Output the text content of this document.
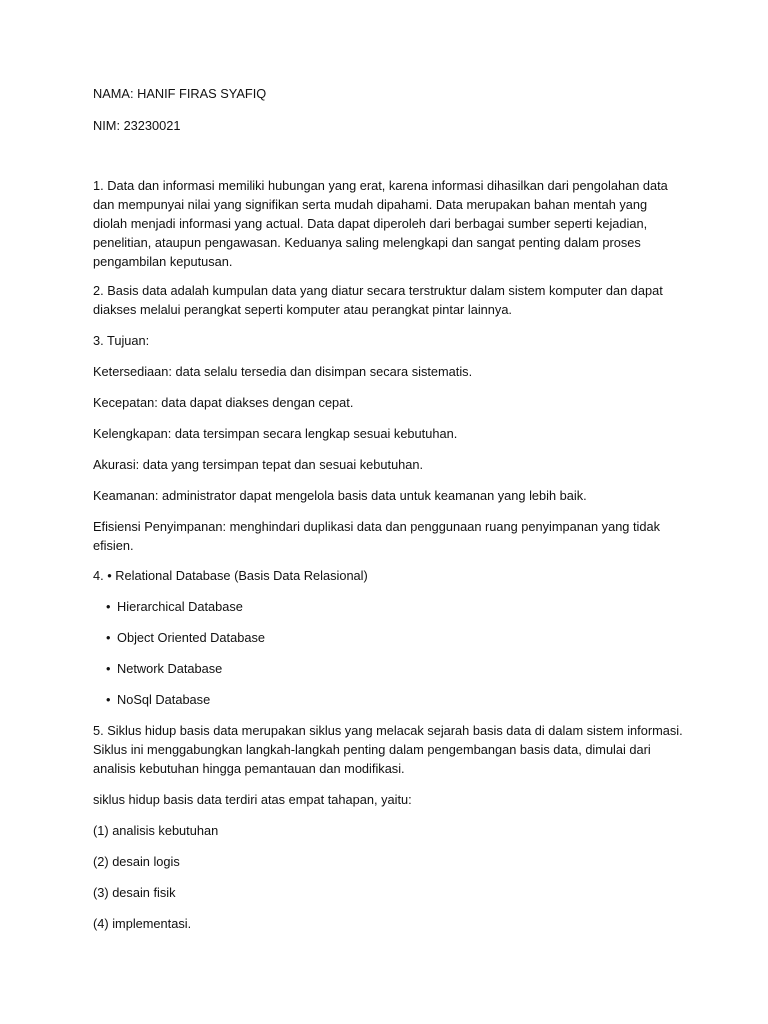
NAMA: HANIF FIRAS SYAFIQ

NIM: 23230021

1. Data dan informasi memiliki hubungan yang erat, karena informasi dihasilkan dari pengolahan data dan mempunyai nilai yang signifikan serta mudah dipahami. Data merupakan bahan mentah yang diolah menjadi informasi yang actual. Data dapat diperoleh dari berbagai sumber seperti kejadian, penelitian, ataupun pengawasan. Keduanya saling melengkapi dan sangat penting dalam proses pengambilan keputusan.

2. Basis data adalah kumpulan data yang diatur secara terstruktur dalam sistem komputer dan dapat diakses melalui perangkat seperti komputer atau perangkat pintar lainnya.

3. Tujuan:

Ketersediaan: data selalu tersedia dan disimpan secara sistematis.

Kecepatan: data dapat diakses dengan cepat.

Kelengkapan: data tersimpan secara lengkap sesuai kebutuhan.

Akurasi: data yang tersimpan tepat dan sesuai kebutuhan.

Keamanan: administrator dapat mengelola basis data untuk keamanan yang lebih baik.

Efisiensi Penyimpanan: menghindari duplikasi data dan penggunaan ruang penyimpanan yang tidak efisien.

4. • Relational Database (Basis Data Relasional)

• Hierarchical Database

• Object Oriented Database

• Network Database

• NoSql Database

5. Siklus hidup basis data merupakan siklus yang melacak sejarah basis data di dalam sistem informasi. Siklus ini menggabungkan langkah-langkah penting dalam pengembangan basis data, dimulai dari analisis kebutuhan hingga pemantauan dan modifikasi.

siklus hidup basis data terdiri atas empat tahapan, yaitu:

(1) analisis kebutuhan

(2) desain logis

(3) desain fisik

(4) implementasi.
